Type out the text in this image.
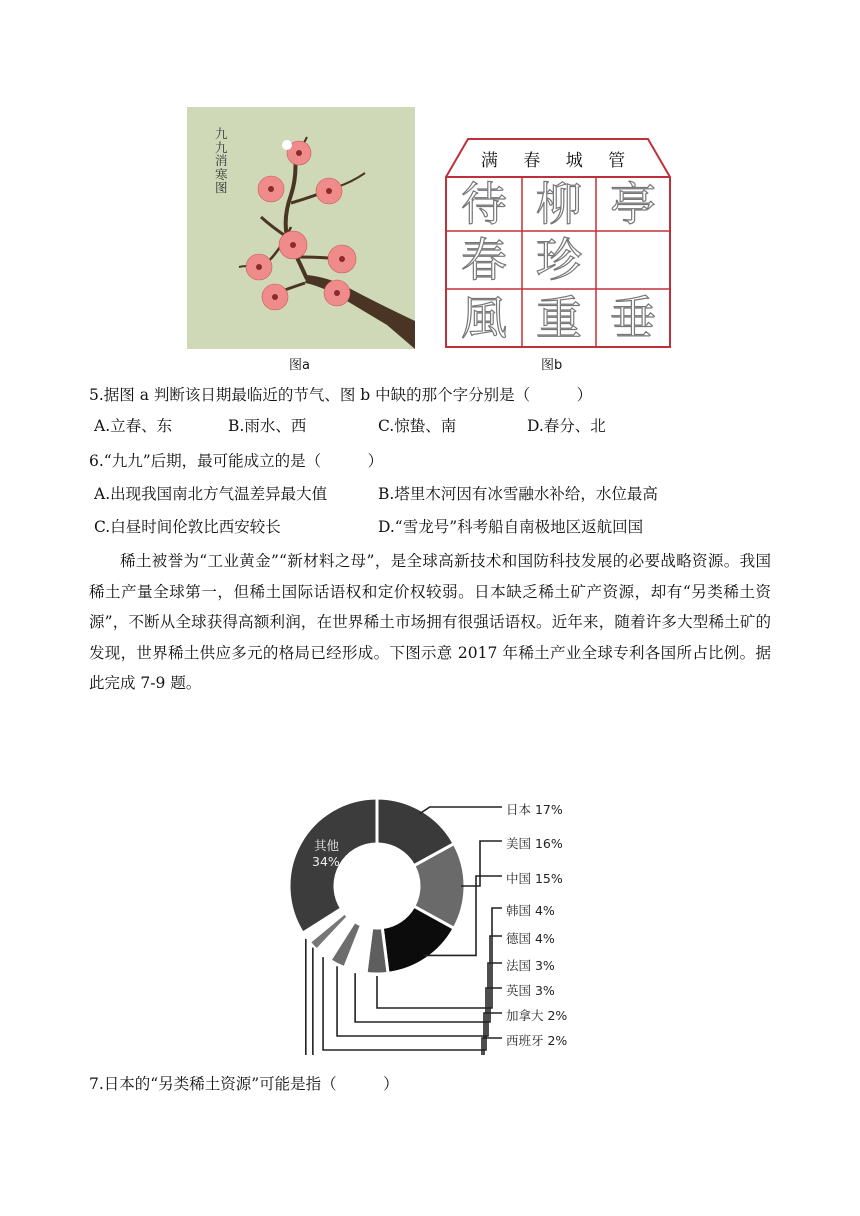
九九消寒图
图a
满 春 城 管
待 柳 亭
春 珍
風 重 垂
图b
5.据图 a 判断该日期最临近的节气、图 b 中缺的那个字分别是（　　　）
A.立春、东	B.雨水、西	C.惊蛰、南	D.春分、北
6.“九九”后期，最可能成立的是（　　　）
A.出现我国南北方气温差异最大值	B.塔里木河因有冰雪融水补给，水位最高
C.白昼时间伦敦比西安较长	D.“雪龙号”科考船自南极地区返航回国
稀土被誉为“工业黄金”“新材料之母”，是全球高新技术和国防科技发展的必要战略资源。我国稀土产量全球第一，但稀土国际话语权和定价权较弱。日本缺乏稀土矿产资源，却有“另类稀土资源”，不断从全球获得高额利润，在世界稀土市场拥有很强话语权。近年来，随着许多大型稀土矿的发现，世界稀土供应多元的格局已经形成。下图示意 2017 年稀土产业全球专利各国所占比例。据此完成 7-9 题。
其他
34%
日本 17%
美国 16%
中国 15%
韩国 4%
德国 4%
法国 3%
英国 3%
加拿大 2%
西班牙 2%
7.日本的“另类稀土资源”可能是指（　　　）
